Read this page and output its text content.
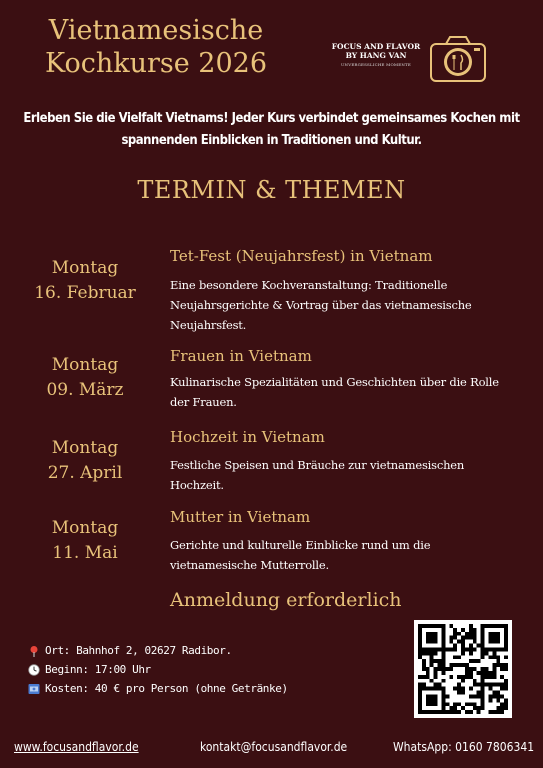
Vietnamesische
Kochkurse 2026
FOCUS AND FLAVOR
BY HANG VAN
UNVERGESSLICHE MOMENTE
Erleben Sie die Vielfalt Vietnams! Jeder Kurs verbindet gemeinsames Kochen mit spannenden Einblicken in Traditionen und Kultur.
TERMIN & THEMEN
Montag
16. Februar
Tet-Fest (Neujahrsfest) in Vietnam
Eine besondere Kochveranstaltung: Traditionelle Neujahrsgerichte & Vortrag über das vietnamesische Neujahrsfest.
Montag
09. März
Frauen in Vietnam
Kulinarische Spezialitäten und Geschichten über die Rolle der Frauen.
Montag
27. April
Hochzeit in Vietnam
Festliche Speisen und Bräuche zur vietnamesischen Hochzeit.
Montag
11. Mai
Mutter in Vietnam
Gerichte und kulturelle Einblicke rund um die vietnamesische Mutterrolle.
Anmeldung erforderlich
Ort: Bahnhof 2, 02627 Radibor.
Beginn: 17:00 Uhr
Kosten: 40 € pro Person (ohne Getränke)
www.focusandflavor.de	kontakt@focusandflavor.de	WhatsApp: 0160 7806341
